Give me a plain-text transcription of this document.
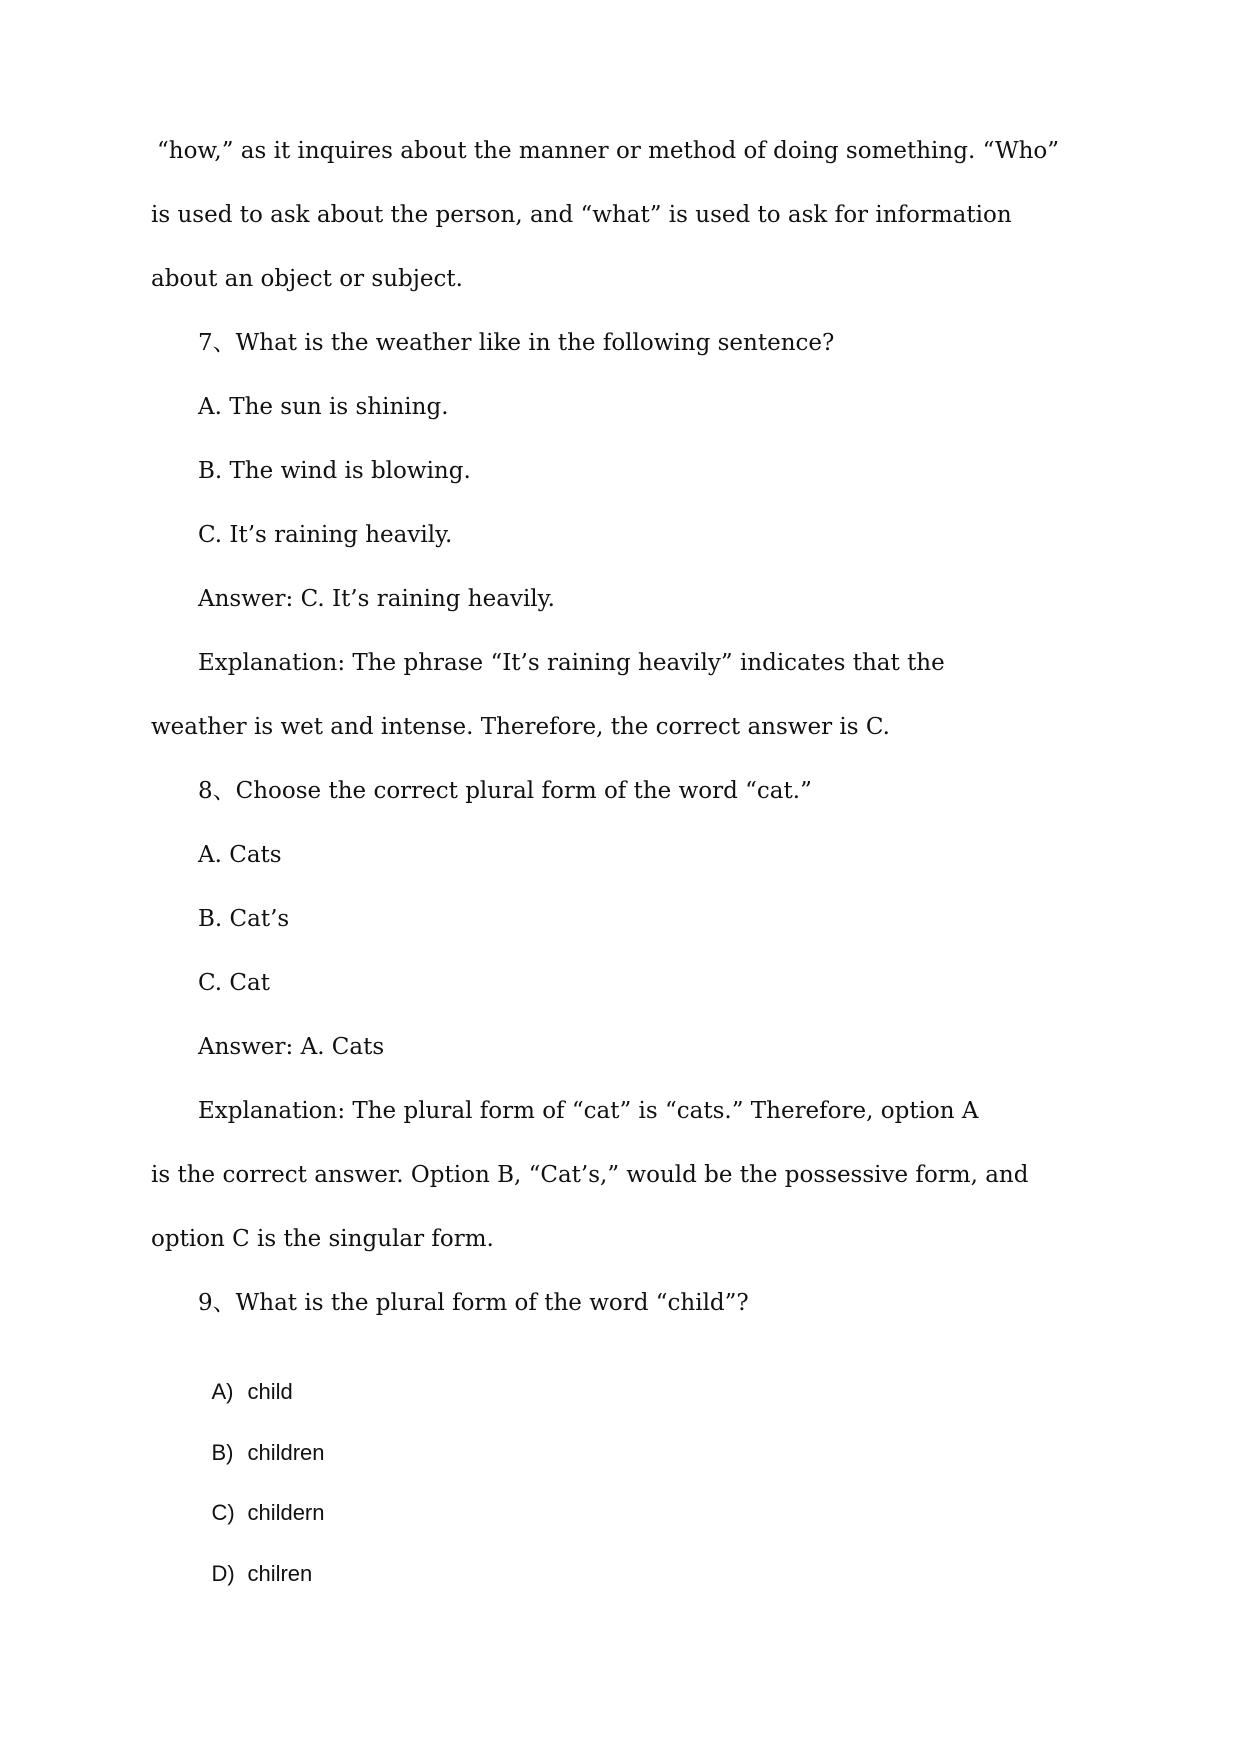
“how,” as it inquires about the manner or method of doing something. “Who”
is used to ask about the person, and “what” is used to ask for information
about an object or subject.
7、What is the weather like in the following sentence?
A. The sun is shining.
B. The wind is blowing.
C. It’s raining heavily.
Answer: C. It’s raining heavily.
Explanation: The phrase “It’s raining heavily” indicates that the
weather is wet and intense. Therefore, the correct answer is C.
8、Choose the correct plural form of the word “cat.”
A. Cats
B. Cat’s
C. Cat
Answer: A. Cats
Explanation: The plural form of “cat” is “cats.” Therefore, option A
is the correct answer. Option B, “Cat’s,” would be the possessive form, and
option C is the singular form.
9、What is the plural form of the word “child”?

A) child

B) children

C) childern

D) chilren
